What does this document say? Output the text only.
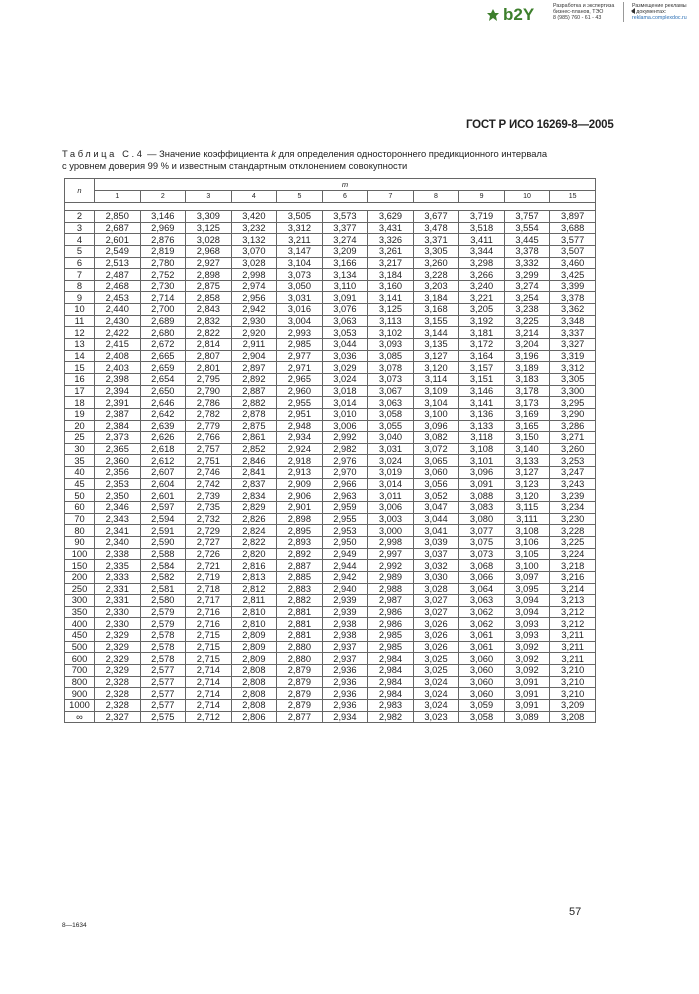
b2Y	Разработка и экспертиза
бизнес-планов, ТЭО
8 (985) 760 - 61 - 43
Размещение рекламы
в документах:
reklama.complexdoc.ru
ГОСТ Р ИСО 16269-8—2005
Таблица С.4 — Значение коэффициента k для определения одностороннего предикционного интервала
с уровнем доверия 99 % и известным стандартным отклонением совокупности
n	m										
	1	2	3	4	5	6	7	8	9	10	15

2	2,850	3,146	3,309	3,420	3,505	3,573	3,629	3,677	3,719	3,757	3,897
3	2,687	2,969	3,125	3,232	3,312	3,377	3,431	3,478	3,518	3,554	3,688
4	2,601	2,876	3,028	3,132	3,211	3,274	3,326	3,371	3,411	3,445	3,577
5	2,549	2,819	2,968	3,070	3,147	3,209	3,261	3,305	3,344	3,378	3,507
6	2,513	2,780	2,927	3,028	3,104	3,166	3,217	3,260	3,298	3,332	3,460
7	2,487	2,752	2,898	2,998	3,073	3,134	3,184	3,228	3,266	3,299	3,425
8	2,468	2,730	2,875	2,974	3,050	3,110	3,160	3,203	3,240	3,274	3,399
9	2,453	2,714	2,858	2,956	3,031	3,091	3,141	3,184	3,221	3,254	3,378
10	2,440	2,700	2,843	2,942	3,016	3,076	3,125	3,168	3,205	3,238	3,362
11	2,430	2,689	2,832	2,930	3,004	3,063	3,113	3,155	3,192	3,225	3,348
12	2,422	2,680	2,822	2,920	2,993	3,053	3,102	3,144	3,181	3,214	3,337
13	2,415	2,672	2,814	2,911	2,985	3,044	3,093	3,135	3,172	3,204	3,327
14	2,408	2,665	2,807	2,904	2,977	3,036	3,085	3,127	3,164	3,196	3,319
15	2,403	2,659	2,801	2,897	2,971	3,029	3,078	3,120	3,157	3,189	3,312
16	2,398	2,654	2,795	2,892	2,965	3,024	3,073	3,114	3,151	3,183	3,305
17	2,394	2,650	2,790	2,887	2,960	3,018	3,067	3,109	3,146	3,178	3,300
18	2,391	2,646	2,786	2,882	2,955	3,014	3,063	3,104	3,141	3,173	3,295
19	2,387	2,642	2,782	2,878	2,951	3,010	3,058	3,100	3,136	3,169	3,290
20	2,384	2,639	2,779	2,875	2,948	3,006	3,055	3,096	3,133	3,165	3,286
25	2,373	2,626	2,766	2,861	2,934	2,992	3,040	3,082	3,118	3,150	3,271
30	2,365	2,618	2,757	2,852	2,924	2,982	3,031	3,072	3,108	3,140	3,260
35	2,360	2,612	2,751	2,846	2,918	2,976	3,024	3,065	3,101	3,133	3,253
40	2,356	2,607	2,746	2,841	2,913	2,970	3,019	3,060	3,096	3,127	3,247
45	2,353	2,604	2,742	2,837	2,909	2,966	3,014	3,056	3,091	3,123	3,243
50	2,350	2,601	2,739	2,834	2,906	2,963	3,011	3,052	3,088	3,120	3,239
60	2,346	2,597	2,735	2,829	2,901	2,959	3,006	3,047	3,083	3,115	3,234
70	2,343	2,594	2,732	2,826	2,898	2,955	3,003	3,044	3,080	3,111	3,230
80	2,341	2,591	2,729	2,824	2,895	2,953	3,000	3,041	3,077	3,108	3,228
90	2,340	2,590	2,727	2,822	2,893	2,950	2,998	3,039	3,075	3,106	3,225
100	2,338	2,588	2,726	2,820	2,892	2,949	2,997	3,037	3,073	3,105	3,224
150	2,335	2,584	2,721	2,816	2,887	2,944	2,992	3,032	3,068	3,100	3,218
200	2,333	2,582	2,719	2,813	2,885	2,942	2,989	3,030	3,066	3,097	3,216
250	2,331	2,581	2,718	2,812	2,883	2,940	2,988	3,028	3,064	3,095	3,214
300	2,331	2,580	2,717	2,811	2,882	2,939	2,987	3,027	3,063	3,094	3,213
350	2,330	2,579	2,716	2,810	2,881	2,939	2,986	3,027	3,062	3,094	3,212
400	2,330	2,579	2,716	2,810	2,881	2,938	2,986	3,026	3,062	3,093	3,212
450	2,329	2,578	2,715	2,809	2,881	2,938	2,985	3,026	3,061	3,093	3,211
500	2,329	2,578	2,715	2,809	2,880	2,937	2,985	3,026	3,061	3,092	3,211
600	2,329	2,578	2,715	2,809	2,880	2,937	2,984	3,025	3,060	3,092	3,211
700	2,329	2,577	2,714	2,808	2,879	2,936	2,984	3,025	3,060	3,092	3,210
800	2,328	2,577	2,714	2,808	2,879	2,936	2,984	3,024	3,060	3,091	3,210
900	2,328	2,577	2,714	2,808	2,879	2,936	2,984	3,024	3,060	3,091	3,210
1000	2,328	2,577	2,714	2,808	2,879	2,936	2,983	3,024	3,059	3,091	3,209
∞	2,327	2,575	2,712	2,806	2,877	2,934	2,982	3,023	3,058	3,089	3,208
8—1634
57
